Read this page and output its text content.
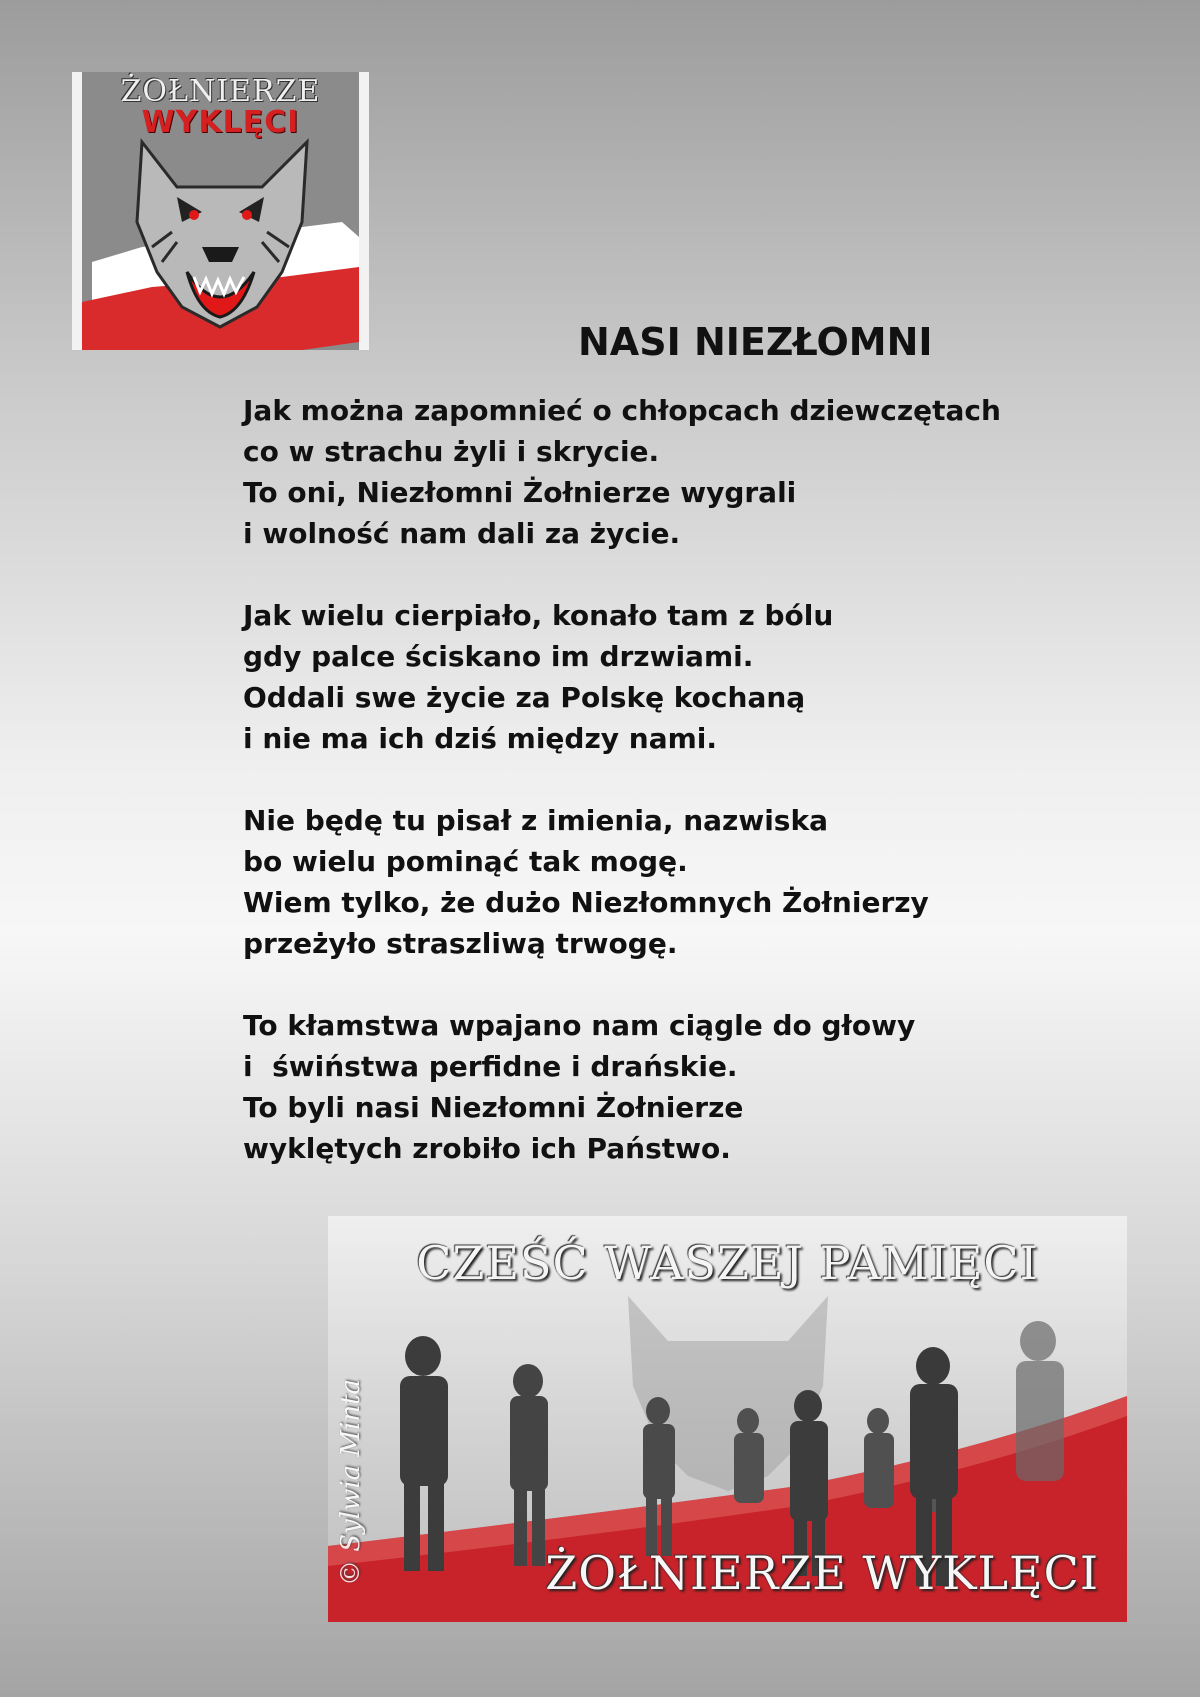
ŻOŁNIERZE
WYKLĘCI
NASI NIEZŁOMNI
Jak można zapomnieć o chłopcach dziewczętach
co w strachu żyli i skrycie.
To oni, Niezłomni Żołnierze wygrali
i wolność nam dali za życie.
Jak wielu cierpiało, konało tam z bólu
gdy palce ściskano im drzwiami.
Oddali swe życie za Polskę kochaną
i nie ma ich dziś między nami.
Nie będę tu pisał z imienia, nazwiska
bo wielu pominąć tak mogę.
Wiem tylko, że dużo Niezłomnych Żołnierzy
przeżyło straszliwą trwogę.
To kłamstwa wpajano nam ciągle do głowy
i  świństwa perfidne i drańskie.
To byli nasi Niezłomni Żołnierze
wyklętych zrobiło ich Państwo.
CZEŚĆ WASZEJ PAMIĘCI
ŻOŁNIERZE WYKLĘCI
© Sylwia Minta
